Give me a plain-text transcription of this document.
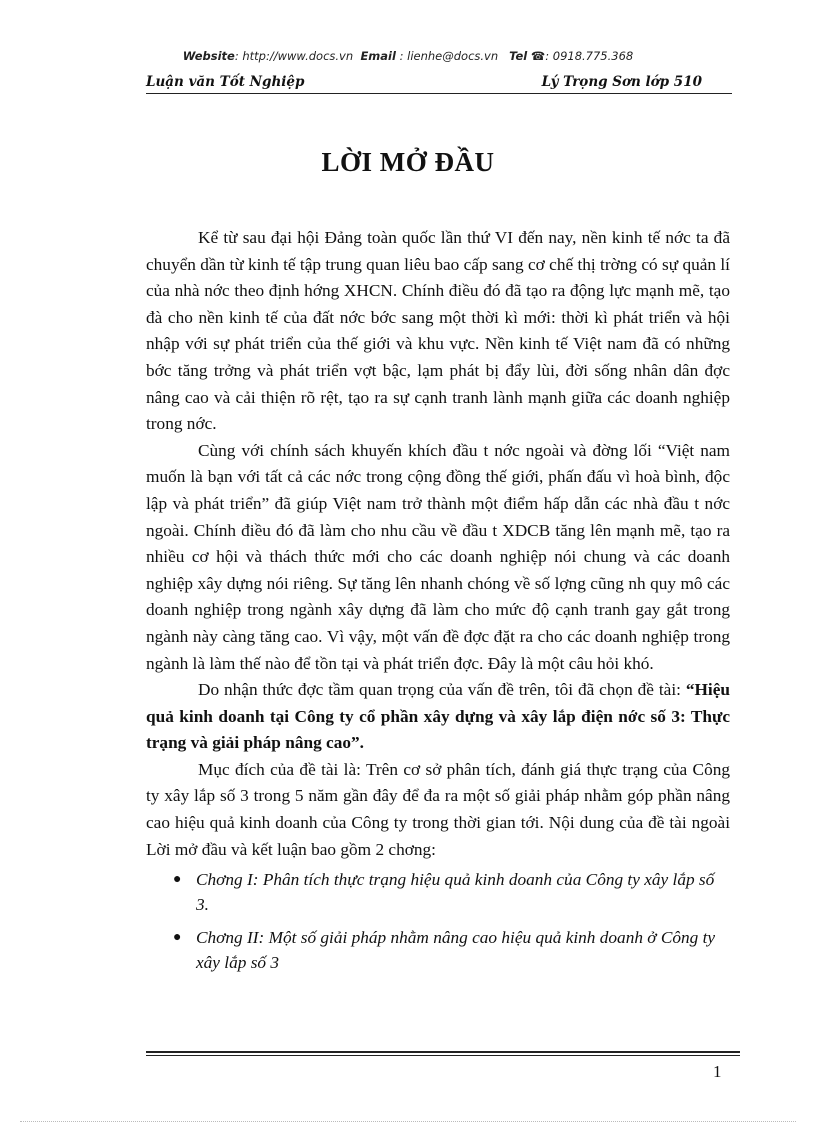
Website: http://www.docs.vn Email : lienhe@docs.vn Tel ☎: 0918.775.368
Luận văn Tốt Nghiệp	Lý Trọng Sơn lớp 510
LỜI MỞ ĐẦU

Kể từ sau đại hội Đảng toàn quốc lần thứ VI đến nay, nền kinh tế nớc ta đã chuyển dần từ kinh tế tập trung quan liêu bao cấp sang cơ chế thị trờng có sự quản lí của nhà nớc theo định hớng XHCN. Chính điều đó đã tạo ra động lực mạnh mẽ, tạo đà cho nền kinh tế của đất nớc bớc sang một thời kì mới: thời kì phát triển và hội nhập với sự phát triển của thế giới và khu vực. Nền kinh tế Việt nam đã có những bớc tăng trởng và phát triển vợt bậc, lạm phát bị đẩy lùi, đời sống nhân dân đợc nâng cao và cải thiện rõ rệt, tạo ra sự cạnh tranh lành mạnh giữa các doanh nghiệp trong nớc.

Cùng với chính sách khuyến khích đầu t nớc ngoài và đờng lối “Việt nam muốn là bạn với tất cả các nớc trong cộng đồng thế giới, phấn đấu vì hoà bình, độc lập và phát triển” đã giúp Việt nam trở thành một điểm hấp dẫn các nhà đầu t nớc ngoài. Chính điều đó đã làm cho nhu cầu về đầu t XDCB tăng lên mạnh mẽ, tạo ra nhiều cơ hội và thách thức mới cho các doanh nghiệp nói chung và các doanh nghiệp xây dựng nói riêng. Sự tăng lên nhanh chóng về số lợng cũng nh quy mô các doanh nghiệp trong ngành xây dựng đã làm cho mức độ cạnh tranh gay gắt trong ngành này càng tăng cao. Vì vậy, một vấn đề đợc đặt ra cho các doanh nghiệp trong ngành là làm thế nào để tồn tại và phát triển đợc. Đây là một câu hỏi khó.

Do nhận thức đợc tầm quan trọng của vấn đề trên, tôi đã chọn đề tài: “Hiệu quả kinh doanh tại Công ty cổ phần xây dựng và xây lắp điện nớc số 3: Thực trạng và giải pháp nâng cao”.

Mục đích của đề tài là: Trên cơ sở phân tích, đánh giá thực trạng của Công ty xây lắp số 3 trong 5 năm gần đây để đa ra một số giải pháp nhằm góp phần nâng cao hiệu quả kinh doanh của Công ty trong thời gian tới. Nội dung của đề tài ngoài Lời mở đầu và kết luận bao gồm 2 chơng:

● Chơng I: Phân tích thực trạng hiệu quả kinh doanh của Công ty xây lắp số 3.
● Chơng II: Một số giải pháp nhằm nâng cao hiệu quả kinh doanh ở Công ty xây lắp số 3
1
